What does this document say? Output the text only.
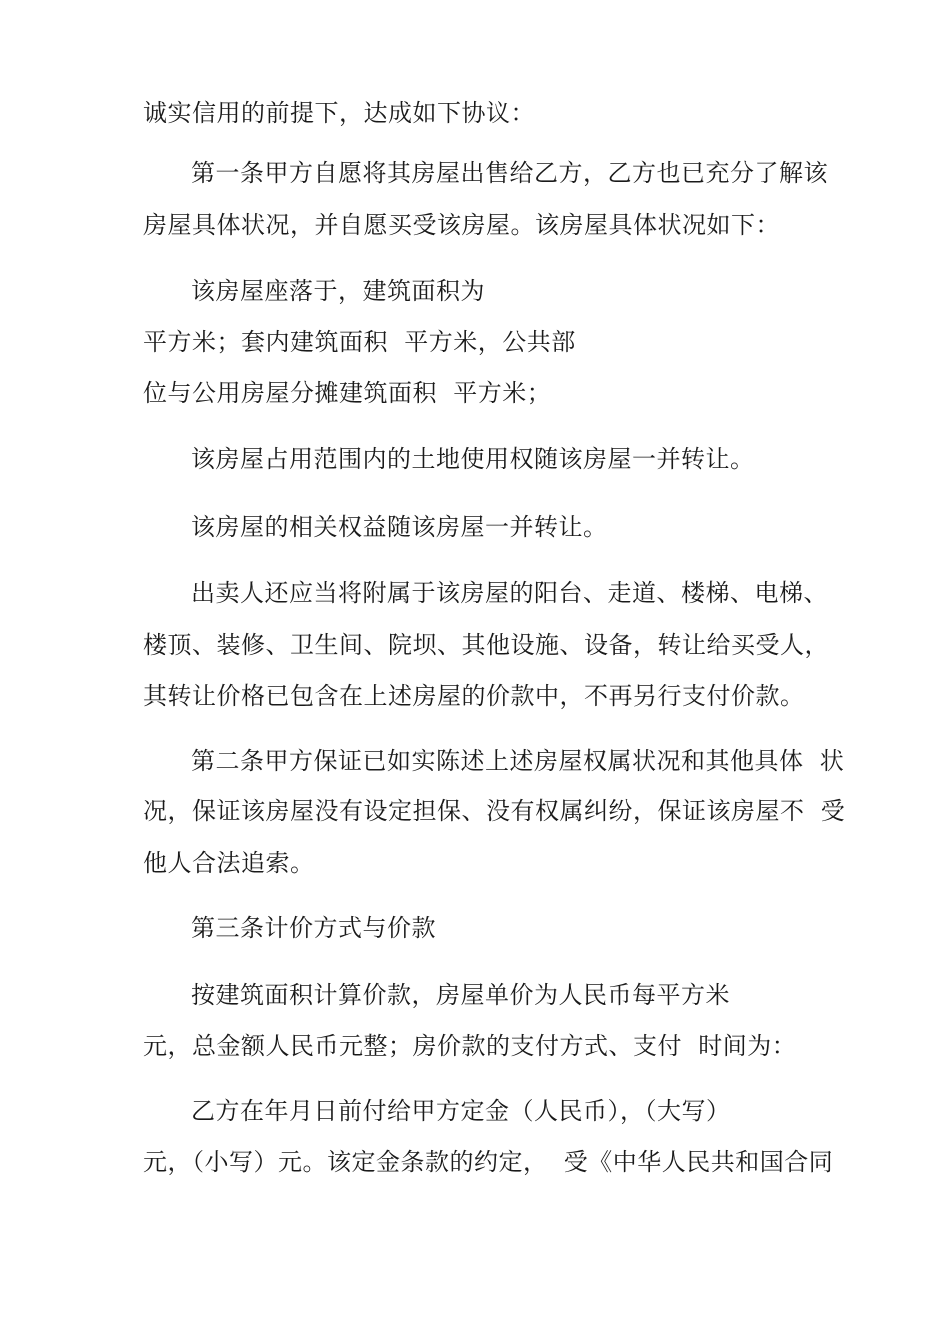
诚实信用的前提下，达成如下协议：

第一条甲方自愿将其房屋出售给乙方，乙方也已充分了解该

房屋具体状况，并自愿买受该房屋。该房屋具体状况如下：

该房屋座落于，建筑面积为

平方米；套内建筑面积  平方米，公共部

位与公用房屋分摊建筑面积  平方米；

该房屋占用范围内的土地使用权随该房屋一并转让。

该房屋的相关权益随该房屋一并转让。

出卖人还应当将附属于该房屋的阳台、走道、楼梯、电梯、

楼顶、装修、卫生间、院坝、其他设施、设备，转让给买受人，

其转让价格已包含在上述房屋的价款中，不再另行支付价款。

第二条甲方保证已如实陈述上述房屋权属状况和其他具体  状

况，保证该房屋没有设定担保、没有权属纠纷，保证该房屋不  受

他人合法追索。

第三条计价方式与价款

按建筑面积计算价款，房屋单价为人民币每平方米

元，总金额人民币元整；房价款的支付方式、支付  时间为：

乙方在年月日前付给甲方定金（人民币），（大写）

元，（小写）元。该定金条款的约定，  受《中华人民共和国合同
